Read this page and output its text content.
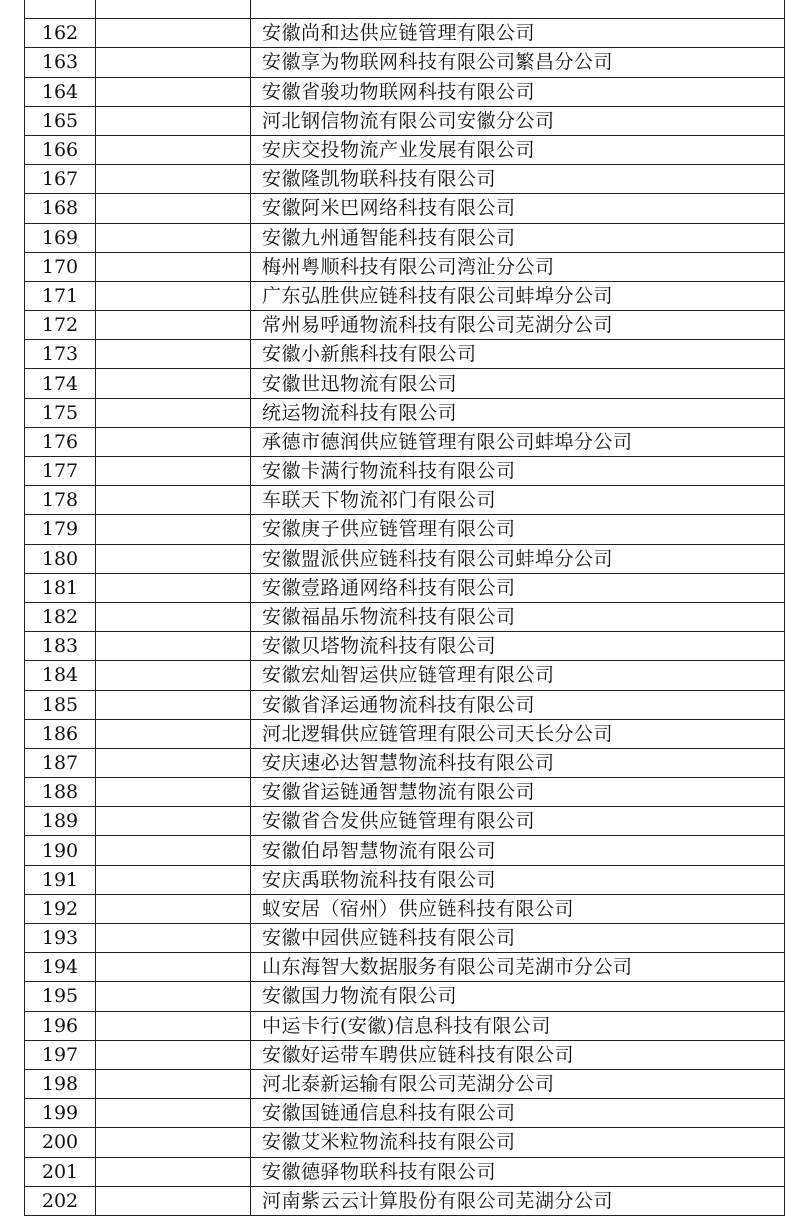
162		安徽尚和达供应链管理有限公司
163		安徽享为物联网科技有限公司繁昌分公司
164		安徽省骏功物联网科技有限公司
165		河北钢信物流有限公司安徽分公司
166		安庆交投物流产业发展有限公司
167		安徽隆凯物联科技有限公司
168		安徽阿米巴网络科技有限公司
169		安徽九州通智能科技有限公司
170		梅州粤顺科技有限公司湾沚分公司
171		广东弘胜供应链科技有限公司蚌埠分公司
172		常州易呼通物流科技有限公司芜湖分公司
173		安徽小新熊科技有限公司
174		安徽世迅物流有限公司
175		统运物流科技有限公司
176		承德市德润供应链管理有限公司蚌埠分公司
177		安徽卡满行物流科技有限公司
178		车联天下物流祁门有限公司
179		安徽庚子供应链管理有限公司
180		安徽盟派供应链科技有限公司蚌埠分公司
181		安徽壹路通网络科技有限公司
182		安徽福晶乐物流科技有限公司
183		安徽贝塔物流科技有限公司
184		安徽宏灿智运供应链管理有限公司
185		安徽省泽运通物流科技有限公司
186		河北逻辑供应链管理有限公司天长分公司
187		安庆速必达智慧物流科技有限公司
188		安徽省运链通智慧物流有限公司
189		安徽省合发供应链管理有限公司
190		安徽伯昂智慧物流有限公司
191		安庆禹联物流科技有限公司
192		蚁安居（宿州）供应链科技有限公司
193		安徽中园供应链科技有限公司
194		山东海智大数据服务有限公司芜湖市分公司
195		安徽国力物流有限公司
196		中运卡行(安徽)信息科技有限公司
197		安徽好运带车聘供应链科技有限公司
198		河北泰新运输有限公司芜湖分公司
199		安徽国链通信息科技有限公司
200		安徽艾米粒物流科技有限公司
201		安徽德驿物联科技有限公司
202		河南紫云云计算股份有限公司芜湖分公司
